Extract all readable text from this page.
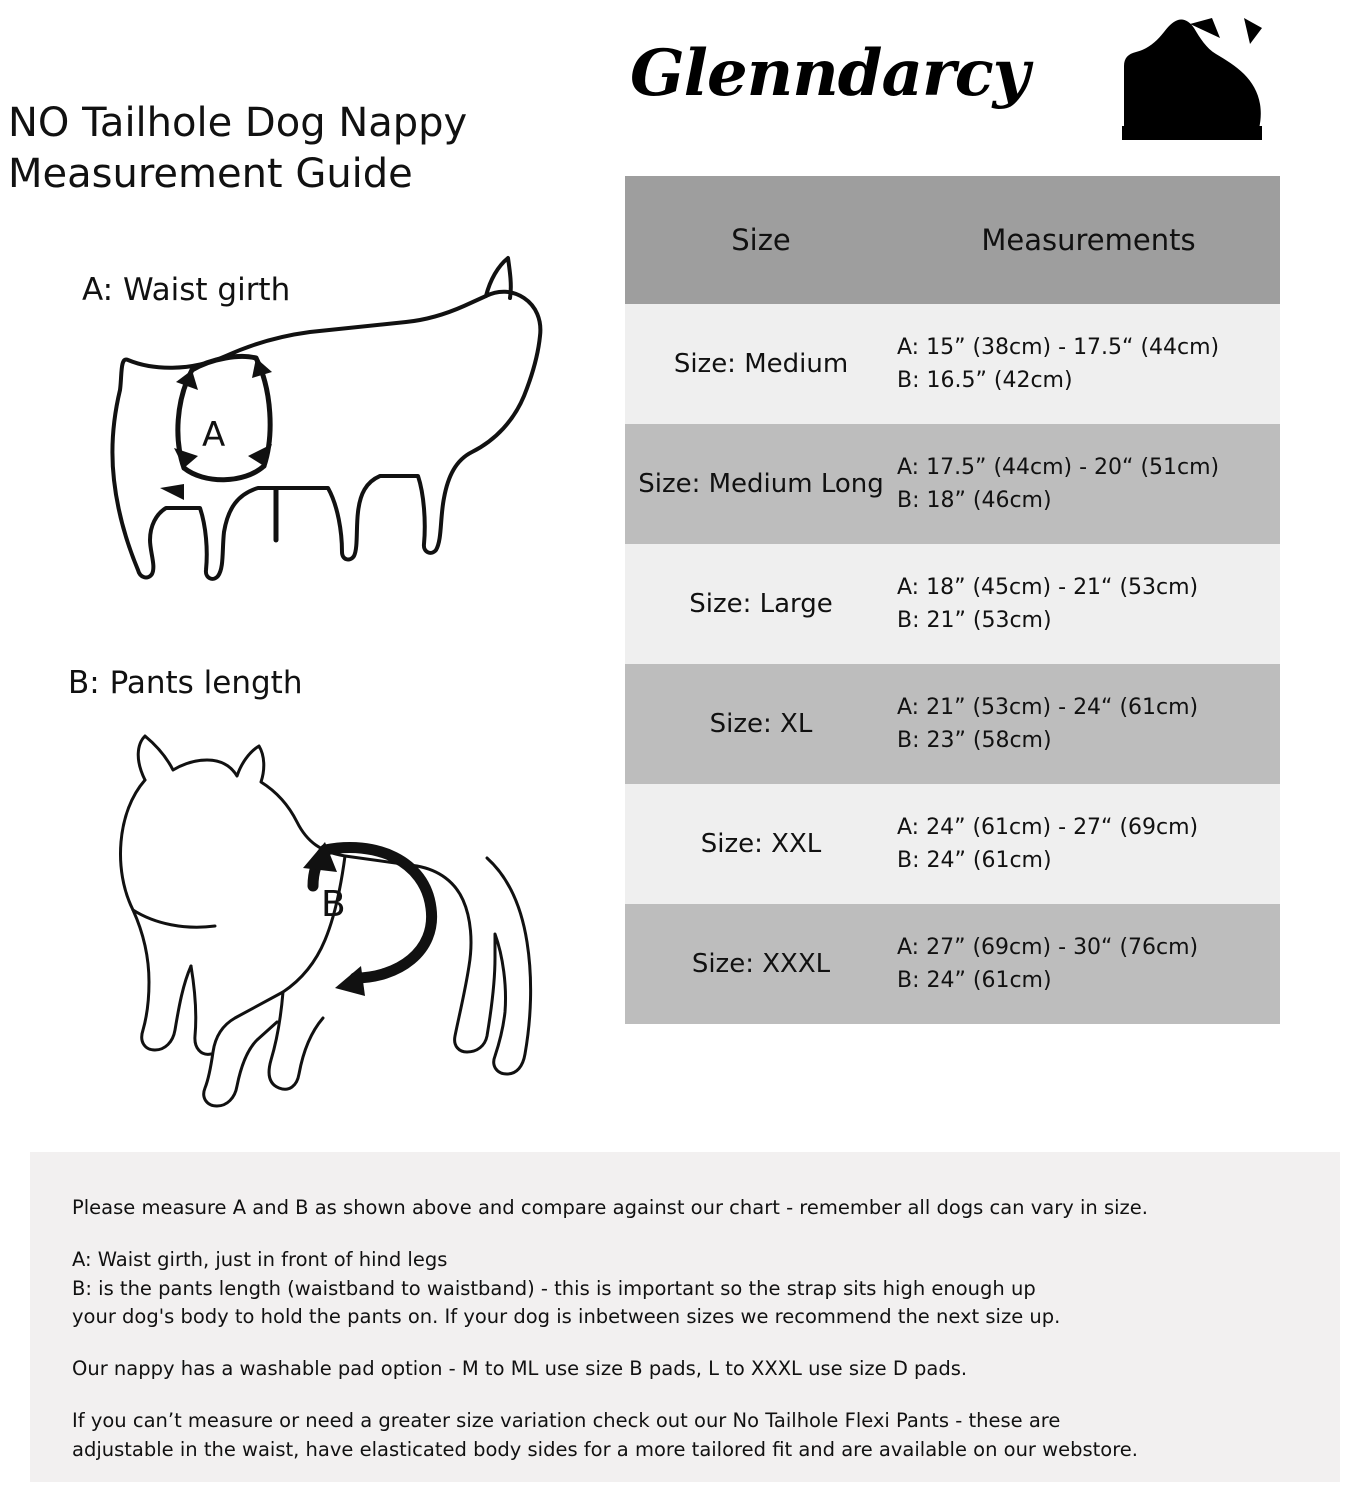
Glenndarcy
NO Tailhole Dog Nappy Measurement Guide
A: Waist girth
A
B: Pants length
B
Size	Measurements
Size: Medium	A: 15” (38cm) - 17.5“ (44cm)
B: 16.5” (42cm)

Size: Medium Long	A: 17.5” (44cm) - 20“ (51cm)
B: 18” (46cm)

Size: Large	A: 18” (45cm) - 21“ (53cm)
B: 21” (53cm)

Size: XL	A: 21” (53cm) - 24“ (61cm)
B: 23” (58cm)

Size: XXL	A: 24” (61cm) - 27“ (69cm)
B: 24” (61cm)

Size: XXXL	A: 27” (69cm) - 30“ (76cm)
B: 24” (61cm)

Please measure A and B as shown above and compare against our chart - remember all dogs can vary in size.

A: Waist girth, just in front of hind legs
B: is the pants length (waistband to waistband) - this is important so the strap sits high enough up
your dog's body to hold the pants on. If your dog is inbetween sizes we recommend the next size up.

Our nappy has a washable pad option - M to ML use size B pads, L to XXXL use size D pads.

If you can’t measure or need a greater size variation check out our No Tailhole Flexi Pants - these are
adjustable in the waist, have elasticated body sides for a more tailored fit and are available on our webstore.
